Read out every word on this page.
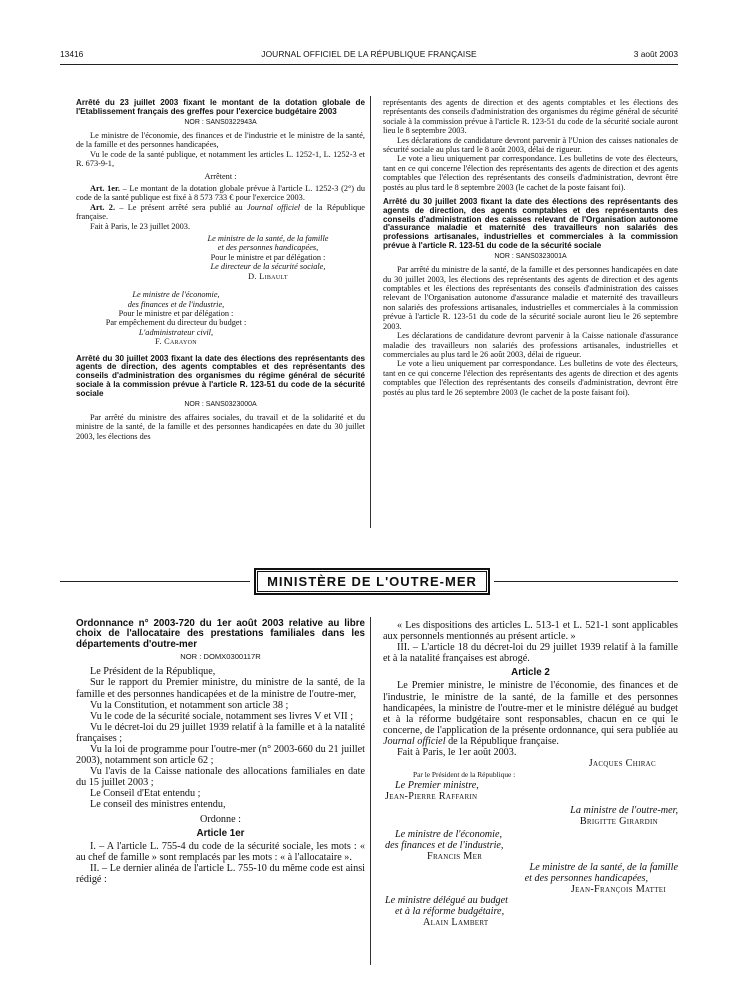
13416	JOURNAL OFFICIEL DE LA RÉPUBLIQUE FRANÇAISE	3 août 2003
Arrêté du 23 juillet 2003 fixant le montant de la dotation globale de l'Etablissement français des greffes pour l'exercice budgétaire 2003
NOR : SANS0322943A

Le ministre de l'économie, des finances et de l'industrie et le ministre de la santé, de la famille et des personnes handicapées,

Vu le code de la santé publique, et notamment les articles L. 1252-1, L. 1252-3 et R. 673-9-1,

Arrêtent :

Art. 1er. – Le montant de la dotation globale prévue à l'article L. 1252-3 (2°) du code de la santé publique est fixé à 8 573 733 € pour l'exercice 2003.

Art. 2. – Le présent arrêté sera publié au Journal officiel de la République française.

Fait à Paris, le 23 juillet 2003.

Le ministre de la santé, de la famille
et des personnes handicapées,
Pour le ministre et par délégation :
Le directeur de la sécurité sociale,
D. Libault
Le ministre de l'économie,
des finances et de l'industrie,
Pour le ministre et par délégation :
Par empêchement du directeur du budget :
L'administrateur civil,
F. Carayon
Arrêté du 30 juillet 2003 fixant la date des élections des représentants des agents de direction, des agents comptables et des représentants des conseils d'administration des organismes du régime général de sécurité sociale à la commission prévue à l'article R. 123-51 du code de la sécurité sociale
NOR : SANS0323000A

Par arrêté du ministre des affaires sociales, du travail et de la solidarité et du ministre de la santé, de la famille et des personnes handicapées en date du 30 juillet 2003, les élections des

représentants des agents de direction et des agents comptables et les élections des représentants des conseils d'administration des organismes du régime général de sécurité sociale à la commission prévue à l'article R. 123-51 du code de la sécurité sociale auront lieu le 8 septembre 2003.

Les déclarations de candidature devront parvenir à l'Union des caisses nationales de sécurité sociale au plus tard le 8 août 2003, délai de rigueur.

Le vote a lieu uniquement par correspondance. Les bulletins de vote des électeurs, tant en ce qui concerne l'élection des représentants des agents de direction et des agents comptables que l'élection des représentants des conseils d'administration, devront être postés au plus tard le 8 septembre 2003 (le cachet de la poste faisant foi).

Arrêté du 30 juillet 2003 fixant la date des élections des représentants des agents de direction, des agents comptables et des représentants des conseils d'administration des caisses relevant de l'Organisation autonome d'assurance maladie et maternité des travailleurs non salariés des professions artisanales, industrielles et commerciales à la commission prévue à l'article R. 123-51 du code de la sécurité sociale
NOR : SANS0323001A

Par arrêté du ministre de la santé, de la famille et des personnes handicapées en date du 30 juillet 2003, les élections des représentants des agents de direction et des agents comptables et les élections des représentants des conseils d'administration des caisses relevant de l'Organisation autonome d'assurance maladie et maternité des travailleurs non salariés des professions artisanales, industrielles et commerciales à la commission prévue à l'article R. 123-51 du code de la sécurité sociale auront lieu le 26 septembre 2003.

Les déclarations de candidature devront parvenir à la Caisse nationale d'assurance maladie des travailleurs non salariés des professions artisanales, industrielles et commerciales au plus tard le 26 août 2003, délai de rigueur.

Le vote a lieu uniquement par correspondance. Les bulletins de vote des électeurs, tant en ce qui concerne l'élection des représentants des agents de direction et des agents comptables que l'élection des représentants des conseils d'administration, devront être postés au plus tard le 26 septembre 2003 (le cachet de la poste faisant foi).

MINISTÈRE DE L'OUTRE-MER
Ordonnance n° 2003-720 du 1er août 2003 relative au libre choix de l'allocataire des prestations familiales dans les départements d'outre-mer
NOR : DOMX0300117R

Le Président de la République,

Sur le rapport du Premier ministre, du ministre de la santé, de la famille et des personnes handicapées et de la ministre de l'outre-mer,

Vu la Constitution, et notamment son article 38 ;

Vu le code de la sécurité sociale, notamment ses livres V et VII ;

Vu le décret-loi du 29 juillet 1939 relatif à la famille et à la natalité françaises ;

Vu la loi de programme pour l'outre-mer (n° 2003-660 du 21 juillet 2003), notamment son article 62 ;

Vu l'avis de la Caisse nationale des allocations familiales en date du 15 juillet 2003 ;

Le Conseil d'Etat entendu ;

Le conseil des ministres entendu,

Ordonne :

Article 1er

I. – A l'article L. 755-4 du code de la sécurité sociale, les mots : « au chef de famille » sont remplacés par les mots : « à l'allocataire ».

II. – Le dernier alinéa de l'article L. 755-10 du même code est ainsi rédigé :

« Les dispositions des articles L. 513-1 et L. 521-1 sont applicables aux personnels mentionnés au présent article. »

III. – L'article 18 du décret-loi du 29 juillet 1939 relatif à la famille et à la natalité françaises est abrogé.

Article 2

Le Premier ministre, le ministre de l'économie, des finances et de l'industrie, le ministre de la santé, de la famille et des personnes handicapées, la ministre de l'outre-mer et le ministre délégué au budget et à la réforme budgétaire sont responsables, chacun en ce qui le concerne, de l'application de la présente ordonnance, qui sera publiée au Journal officiel de la République française.

Fait à Paris, le 1er août 2003.

Jacques Chirac
Par le Président de la République :
Le Premier ministre,
Jean-Pierre Raffarin
La ministre de l'outre-mer,
Brigitte Girardin
Le ministre de l'économie,
des finances et de l'industrie,
Francis Mer
Le ministre de la santé, de la famille
et des personnes handicapées,
Jean-François Mattei
Le ministre délégué au budget
et à la réforme budgétaire,
Alain Lambert
